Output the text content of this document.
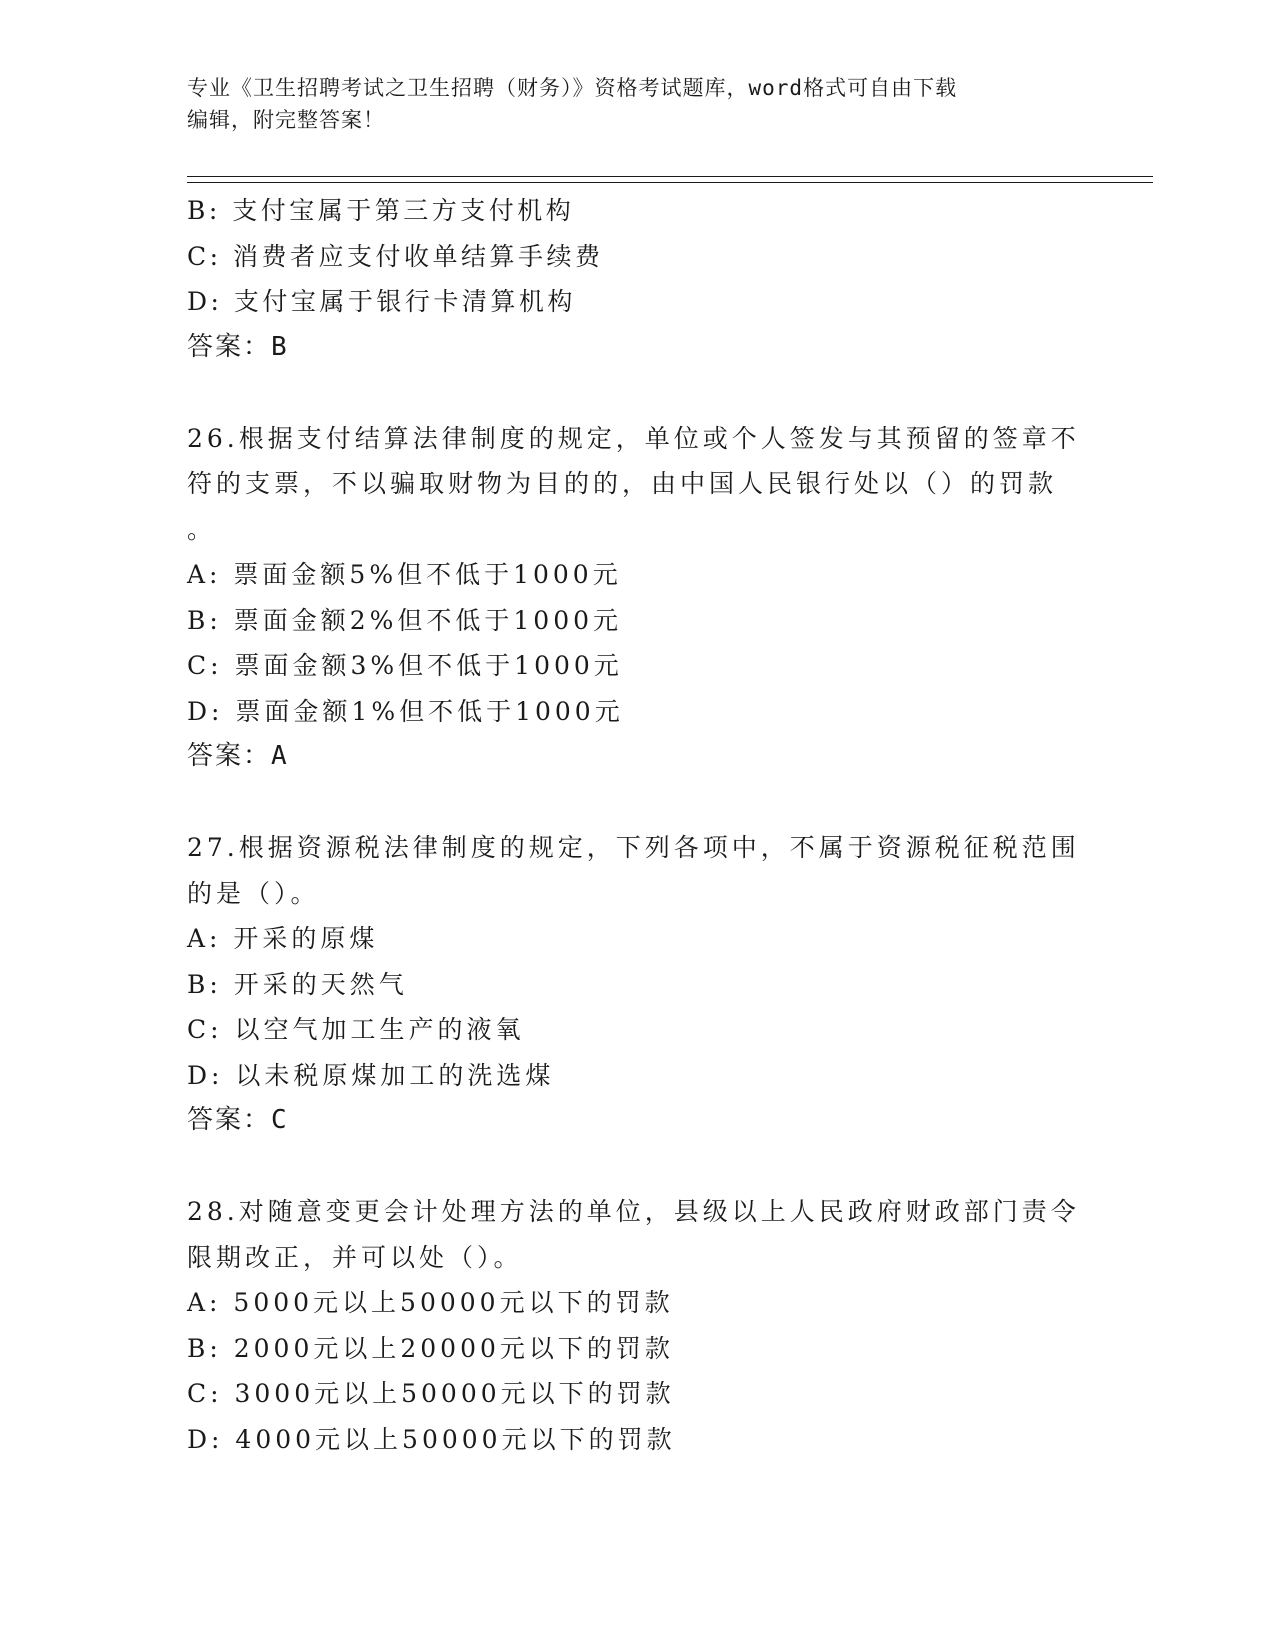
专业《卫生招聘考试之卫生招聘（财务）》资格考试题库，word格式可自由下载
编辑，附完整答案！
B: 支付宝属于第三方支付机构
C: 消费者应支付收单结算手续费
D: 支付宝属于银行卡清算机构
答案：B
26.根据支付结算法律制度的规定，单位或个人签发与其预留的签章不
符的支票，不以骗取财物为目的的，由中国人民银行处以（）的罚款
。
A: 票面金额5%但不低于1000元
B: 票面金额2%但不低于1000元
C: 票面金额3%但不低于1000元
D: 票面金额1%但不低于1000元
答案：A
27.根据资源税法律制度的规定，下列各项中，不属于资源税征税范围
的是（）。
A: 开采的原煤
B: 开采的天然气
C: 以空气加工生产的液氧
D: 以未税原煤加工的洗选煤
答案：C
28.对随意变更会计处理方法的单位，县级以上人民政府财政部门责令
限期改正，并可以处（）。
A: 5000元以上50000元以下的罚款
B: 2000元以上20000元以下的罚款
C: 3000元以上50000元以下的罚款
D: 4000元以上50000元以下的罚款
